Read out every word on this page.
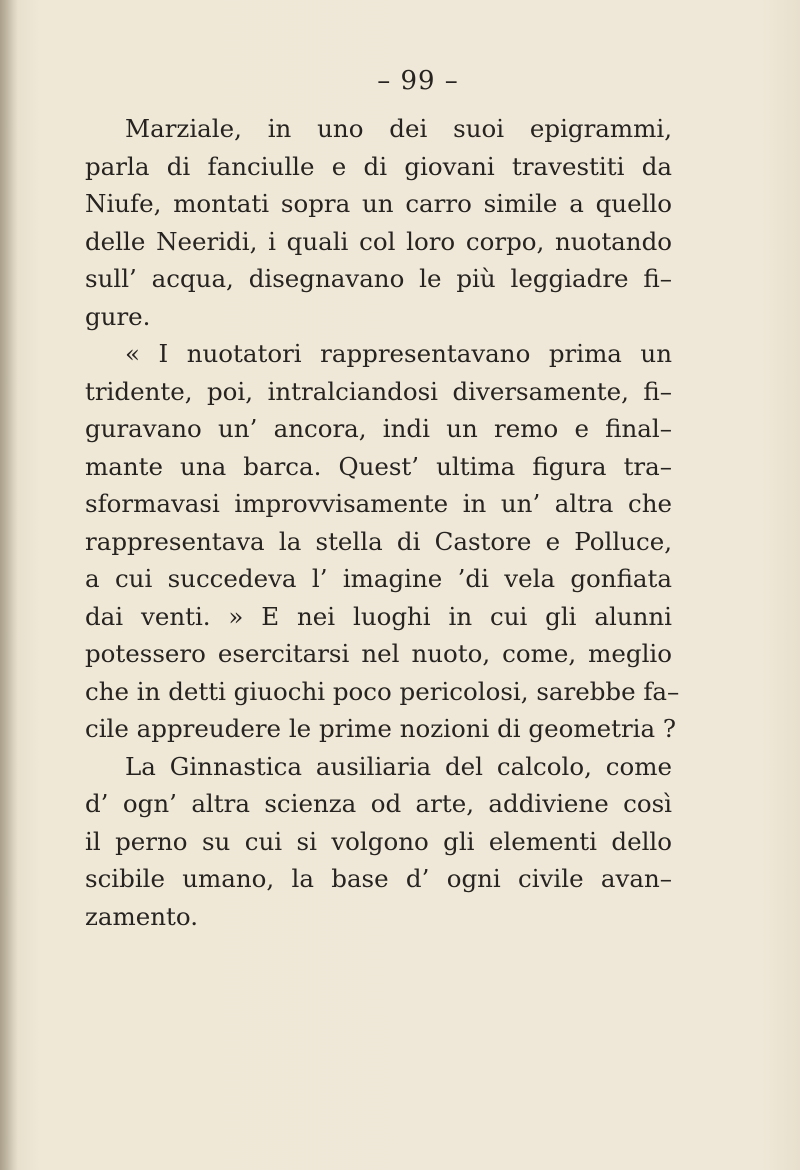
– 99 –
Marziale, in uno dei suoi epigrammi,
parla di fanciulle e di giovani travestiti da
Niufe, montati sopra un carro simile a quello
delle Neeridi, i quali col loro corpo, nuotando
sull’ acqua, disegnavano le più leggiadre fi–
gure.
« I nuotatori rappresentavano prima un
tridente, poi, intralciandosi diversamente, fi–
guravano un’ ancora, indi un remo e final–
mante una barca. Quest’ ultima figura tra–
sformavasi improvvisamente in un’ altra che
rappresentava la stella di Castore e Polluce,
a cui succedeva l’ imagine ’di vela gonfiata
dai venti. » E nei luoghi in cui gli alunni
potessero esercitarsi nel nuoto, come, meglio
che in detti giuochi poco pericolosi, sarebbe fa–
cile appreudere le prime nozioni di geometria ?
La Ginnastica ausiliaria del calcolo, come
d’ ogn’ altra scienza od arte, addiviene così
il perno su cui si volgono gli elementi dello
scibile umano, la base d’ ogni civile avan–
zamento.
